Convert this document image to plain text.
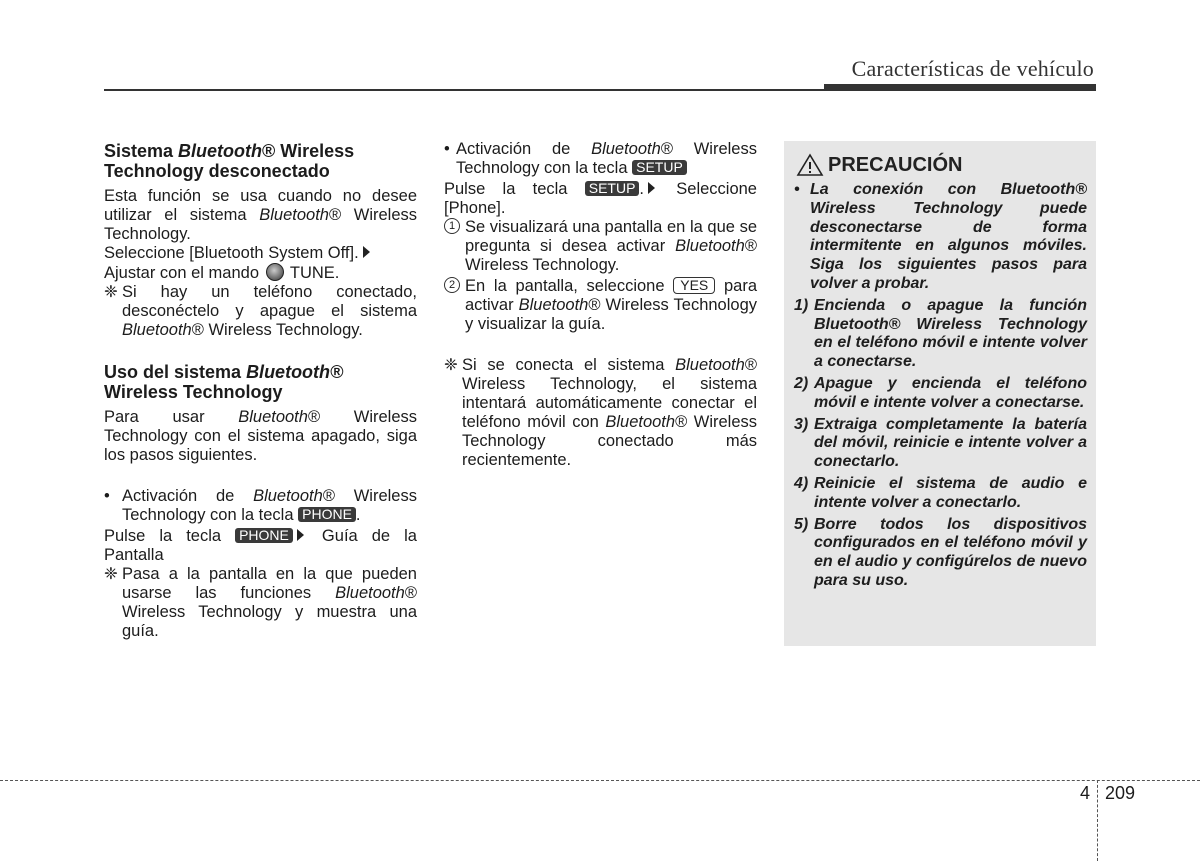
Características de vehículo
Sistema Bluetooth® Wireless
Technology desconectado

Esta función se usa cuando no desee utilizar el sistema Bluetooth® Wireless Technology.

Seleccione [Bluetooth System Off].

Ajustar con el mando  TUNE.

❈ Si hay un teléfono conectado, desconéctelo y apague el sistema Bluetooth® Wireless Technology.
Uso del sistema Bluetooth®
Wireless Technology

Para usar Bluetooth® Wireless Technology con el sistema apagado, siga los pasos siguientes.

• Activación de Bluetooth® Wireless Technology con la tecla PHONE .

Pulse la tecla PHONE Guía de la Pantalla

❈ Pasa a la pantalla en la que pueden usarse las funciones Bluetooth® Wireless Technology y muestra una guía.
• Activación de Bluetooth® Wireless Technology con la tecla SETUP

Pulse la tecla SETUP . Seleccione [Phone].

1 Se visualizará una pantalla en la que se pregunta si desea activar Bluetooth® Wireless Technology.
2 En la pantalla, seleccione YES para activar Bluetooth® Wireless Technology y visualizar la guía.
❈ Si se conecta el sistema Bluetooth® Wireless Technology, el sistema intentará automáticamente conectar el teléfono móvil con Bluetooth® Wireless Technology conectado más recientemente.
PRECAUCIÓN
• La conexión con Bluetooth® Wireless Technology puede desconectarse de forma intermitente en algunos móviles. Siga los siguientes pasos para volver a probar.
1) Encienda o apague la función Bluetooth® Wireless Technology en el teléfono móvil e intente volver a conectarse.
2) Apague y encienda el teléfono móvil e intente volver a conectarse.
3) Extraiga completamente la batería del móvil, reinicie e intente volver a conectarlo.
4) Reinicie el sistema de audio e intente volver a conectarlo.
5) Borre todos los dispositivos configurados en el teléfono móvil y en el audio y configúrelos de nuevo para su uso.
4 209
